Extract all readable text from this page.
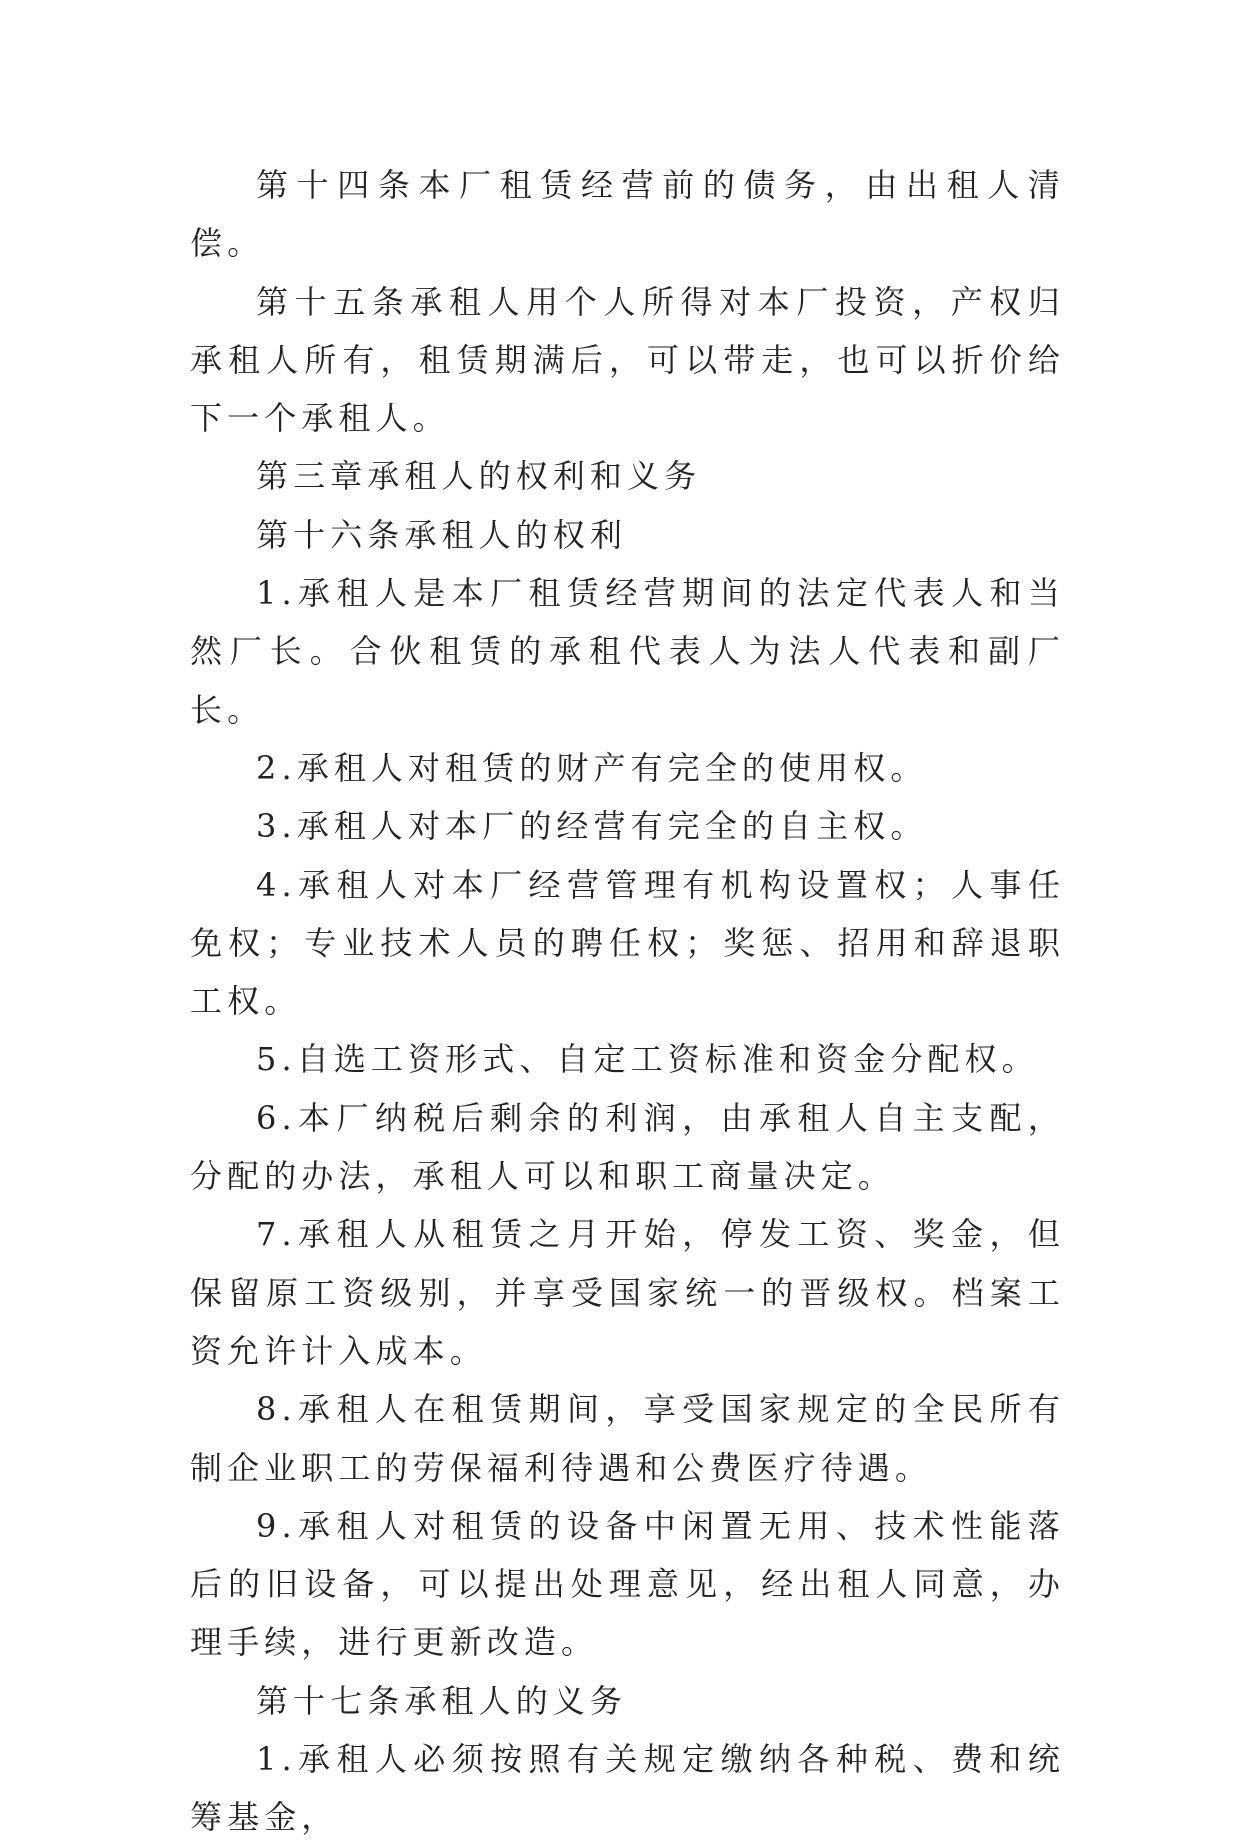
第十四条本厂租赁经营前的债务，由出租人清偿。

第十五条承租人用个人所得对本厂投资，产权归承租人所有，租赁期满后，可以带走，也可以折价给下一个承租人。

第三章承租人的权利和义务

第十六条承租人的权利

1.承租人是本厂租赁经营期间的法定代表人和当然厂长。合伙租赁的承租代表人为法人代表和副厂长。

2.承租人对租赁的财产有完全的使用权。

3.承租人对本厂的经营有完全的自主权。

4.承租人对本厂经营管理有机构设置权；人事任免权；专业技术人员的聘任权；奖惩、招用和辞退职工权。

5.自选工资形式、自定工资标准和资金分配权。

6.本厂纳税后剩余的利润，由承租人自主支配，分配的办法，承租人可以和职工商量决定。

7.承租人从租赁之月开始，停发工资、奖金，但保留原工资级别，并享受国家统一的晋级权。档案工资允许计入成本。

8.承租人在租赁期间，享受国家规定的全民所有制企业职工的劳保福利待遇和公费医疗待遇。

9.承租人对租赁的设备中闲置无用、技术性能落后的旧设备，可以提出处理意见，经出租人同意，办理手续，进行更新改造。

第十七条承租人的义务

1.承租人必须按照有关规定缴纳各种税、费和统筹基金，
